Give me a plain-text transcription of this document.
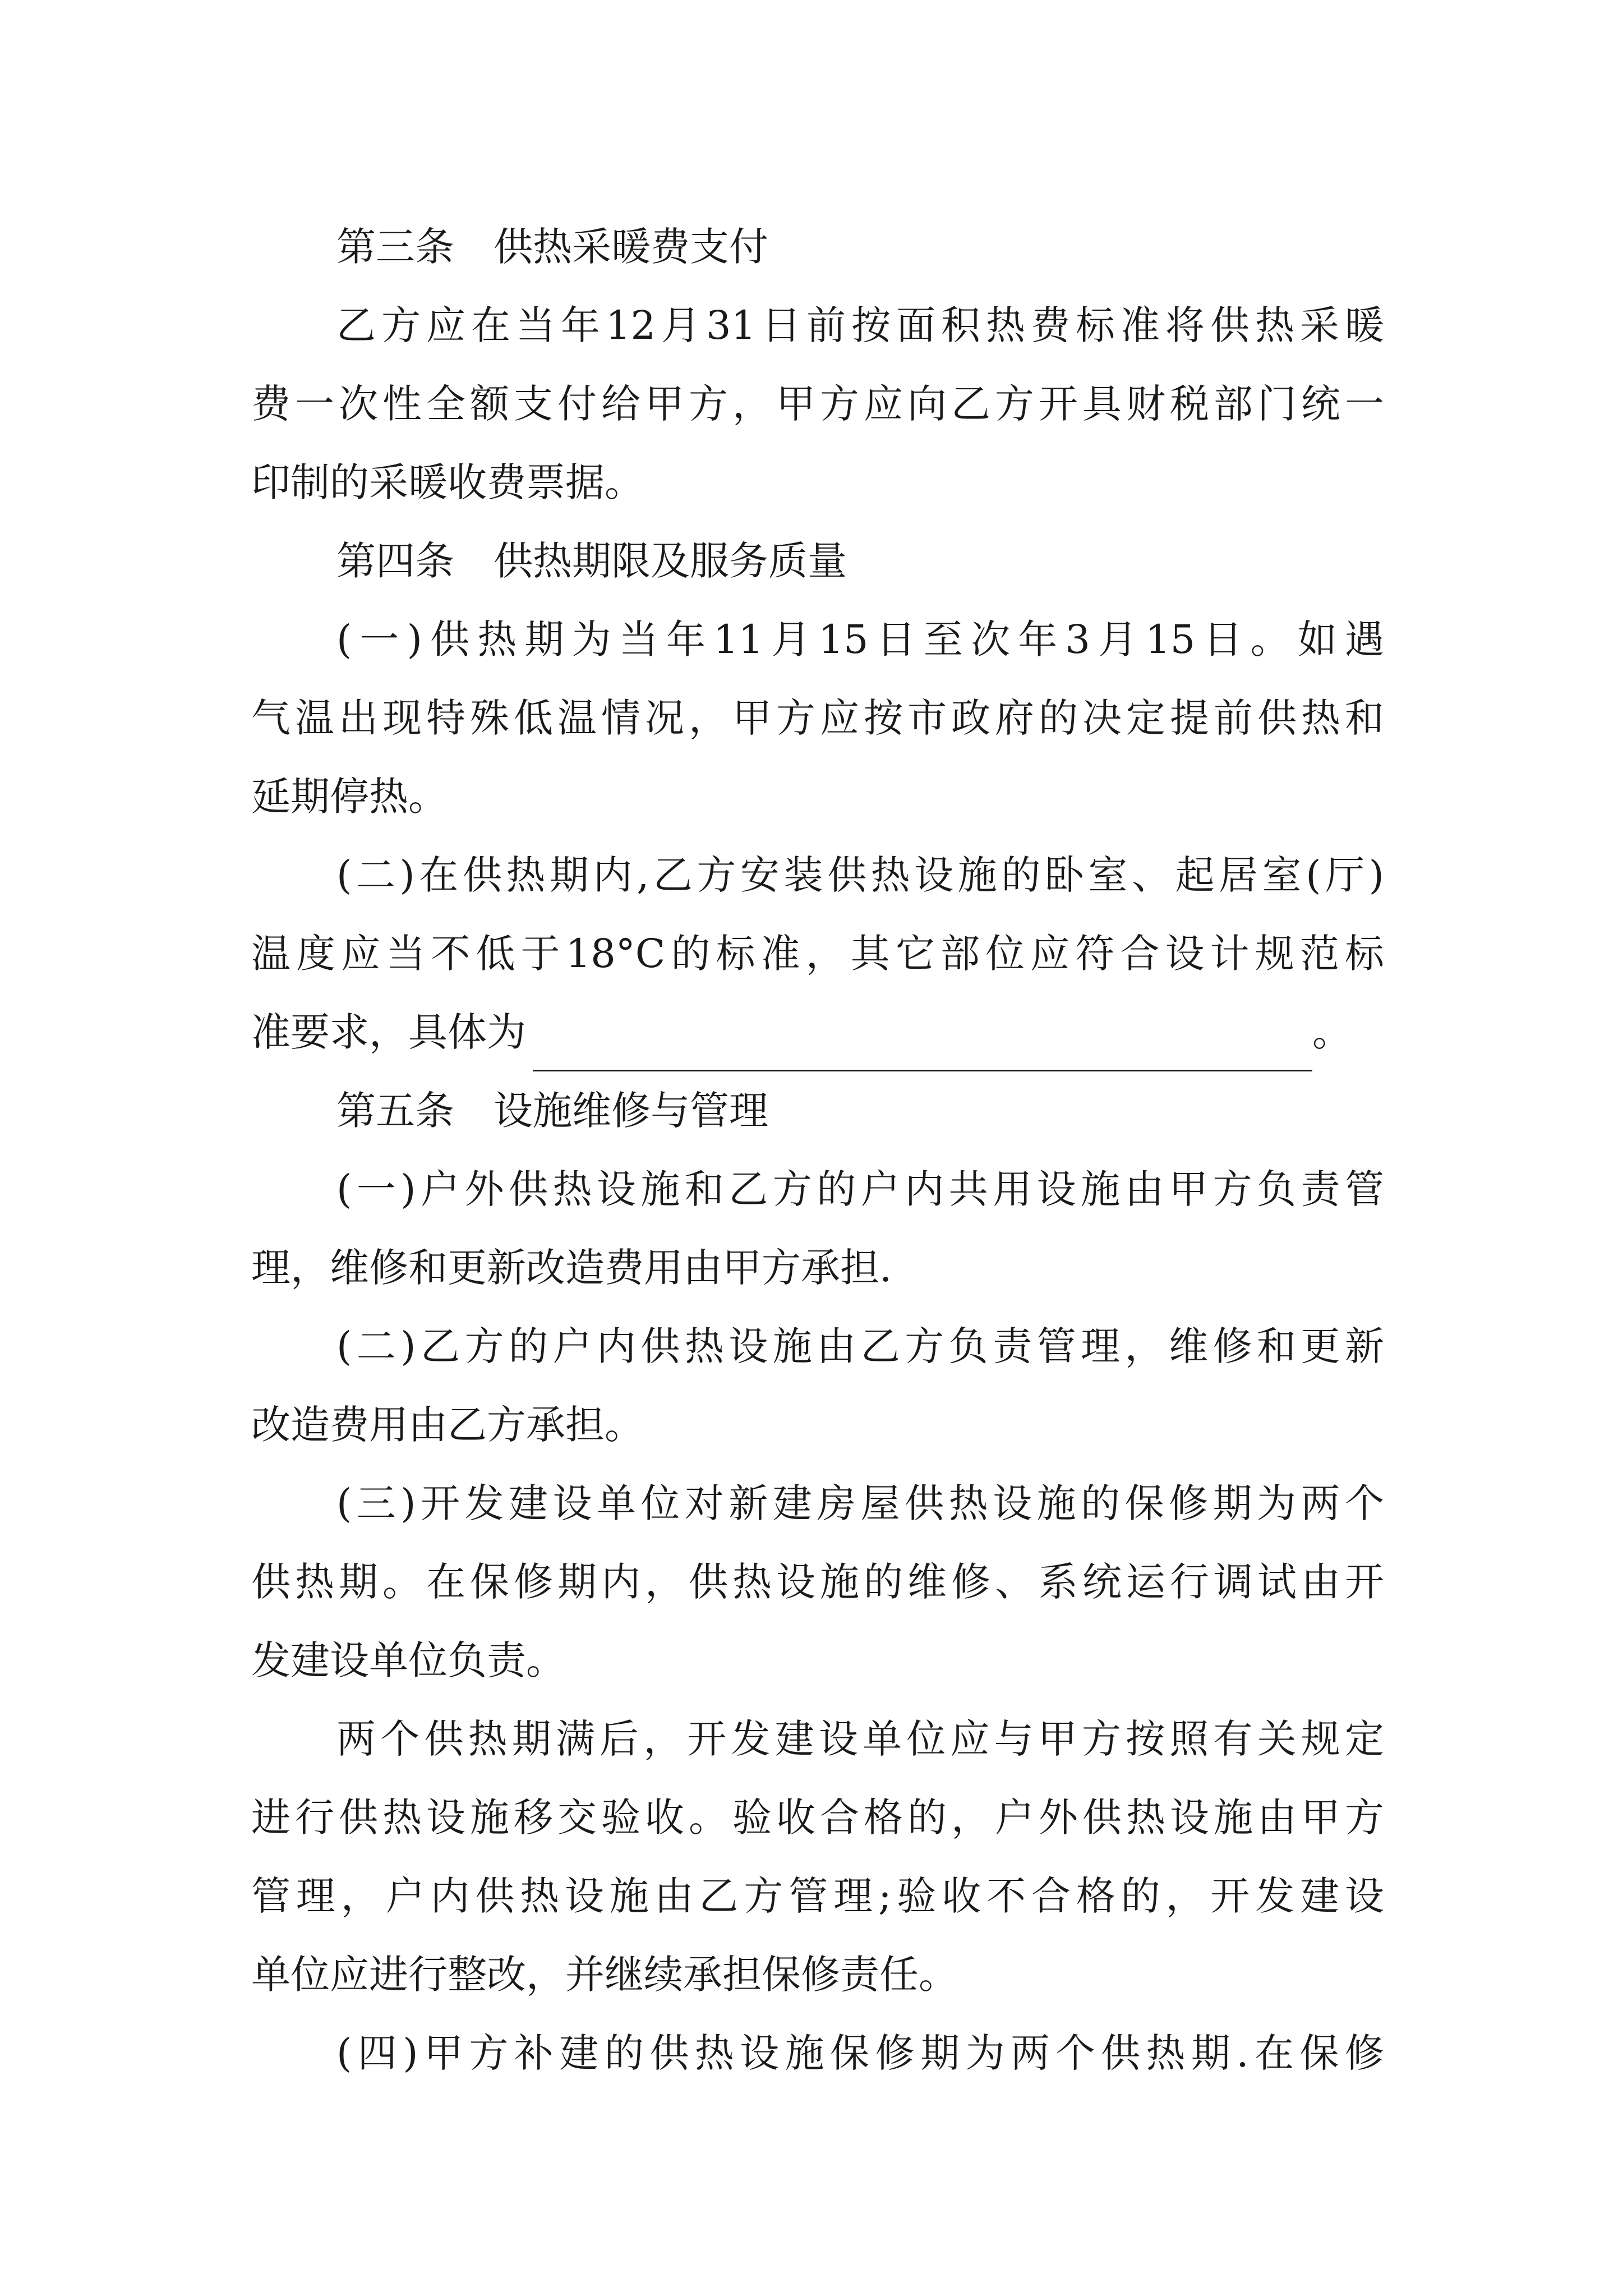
第三条　供热采暖费支付
乙方应在当年12月31日前按面积热费标准将供热采暖
费一次性全额支付给甲方，甲方应向乙方开具财税部门统一
印制的采暖收费票据。
第四条　供热期限及服务质量
(一)供热期为当年11月15日至次年3月15日。如遇
气温出现特殊低温情况，甲方应按市政府的决定提前供热和
延期停热。
(二)在供热期内,乙方安装供热设施的卧室、起居室(厅)
温度应当不低于18°C的标准，其它部位应符合设计规范标
准要求，具体为	。
第五条　设施维修与管理
(一)户外供热设施和乙方的户内共用设施由甲方负责管
理，维修和更新改造费用由甲方承担.
(二)乙方的户内供热设施由乙方负责管理，维修和更新
改造费用由乙方承担。
(三)开发建设单位对新建房屋供热设施的保修期为两个
供热期。在保修期内，供热设施的维修、系统运行调试由开
发建设单位负责。
两个供热期满后，开发建设单位应与甲方按照有关规定
进行供热设施移交验收。验收合格的，户外供热设施由甲方
管理，户内供热设施由乙方管理;验收不合格的，开发建设
单位应进行整改，并继续承担保修责任。
(四)甲方补建的供热设施保修期为两个供热期.在保修
